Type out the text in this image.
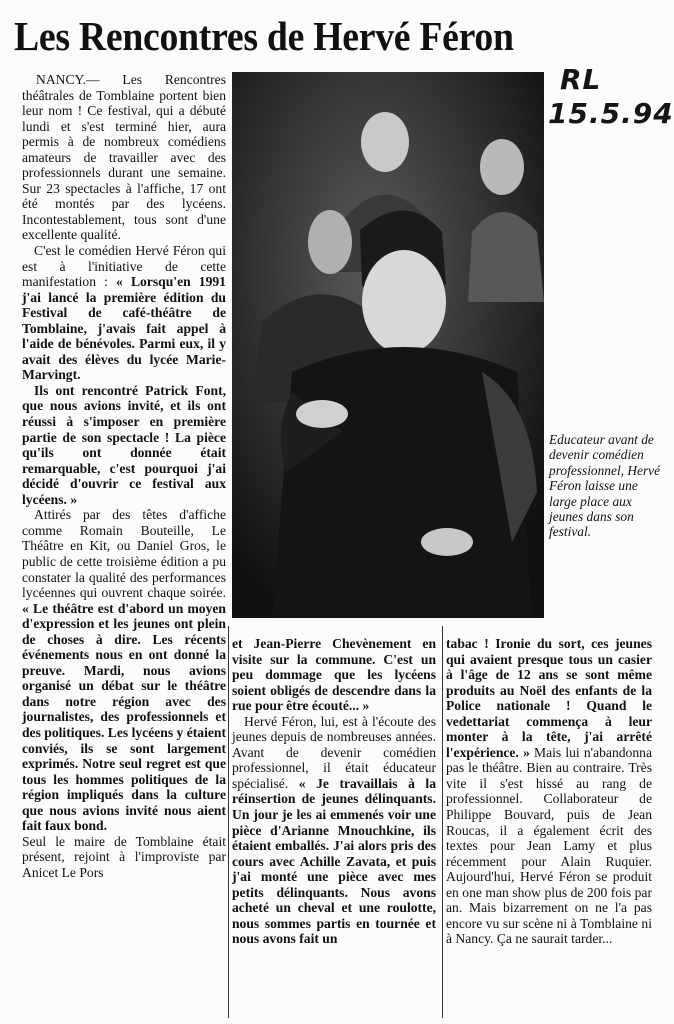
Les Rencontres de Hervé Féron
RL
15.5.94

NANCY.— Les Rencontres théâtrales de Tomblaine portent bien leur nom ! Ce festival, qui a débuté lundi et s'est terminé hier, aura permis à de nombreux comédiens amateurs de travailler avec des professionnels durant une semaine. Sur 23 spectacles à l'affiche, 17 ont été montés par des lycéens. Incontestablement, tous sont d'une excellente qualité.

C'est le comédien Hervé Féron qui est à l'initiative de cette manifestation : « Lorsqu'en 1991 j'ai lancé la première édition du Festival de café-théâtre de Tomblaine, j'avais fait appel à l'aide de bénévoles. Parmi eux, il y avait des élèves du lycée Marie-Marvingt.

Ils ont rencontré Patrick Font, que nous avions invité, et ils ont réussi à s'imposer en première partie de son spectacle ! La pièce qu'ils ont donnée était remarquable, c'est pourquoi j'ai décidé d'ouvrir ce festival aux lycéens. »

Attirés par des têtes d'affiche comme Romain Bouteille, Le Théâtre en Kit, ou Daniel Gros, le public de cette troisième édition a pu constater la qualité des performances lycéennes qui ouvrent chaque soirée. « Le théâtre est d'abord un moyen d'expression et les jeunes ont plein de choses à dire. Les récents événements nous en ont donné la preuve. Mardi, nous avions organisé un débat sur le théâtre dans notre région avec des journalistes, des professionnels et des politiques. Les lycéens y étaient conviés, ils se sont largement exprimés. Notre seul regret est que tous les hommes politiques de la région impliqués dans la culture que nous avions invité nous aient fait faux bond.

Seul le maire de Tomblaine était présent, rejoint à l'improviste par Anicet Le Pors

Educateur avant de devenir comédien professionnel, Hervé Féron laisse une large place aux jeunes dans son festival.

et Jean-Pierre Chevènement en visite sur la commune. C'est un peu dommage que les lycéens soient obligés de descendre dans la rue pour être écouté... »

Hervé Féron, lui, est à l'écoute des jeunes depuis de nombreuses années. Avant de devenir comédien professionnel, il était éducateur spécialisé. « Je travaillais à la réinsertion de jeunes délinquants. Un jour je les ai emmenés voir une pièce d'Arianne Mnouchkine, ils étaient emballés. J'ai alors pris des cours avec Achille Zavata, et puis j'ai monté une pièce avec mes petits délinquants. Nous avons acheté un cheval et une roulotte, nous sommes partis en tournée et nous avons fait un

tabac ! Ironie du sort, ces jeunes qui avaient presque tous un casier à l'âge de 12 ans se sont même produits au Noël des enfants de la Police nationale ! Quand le vedettariat commença à leur monter à la tête, j'ai arrêté l'expérience. » Mais lui n'abandonna pas le théâtre. Bien au contraire. Très vite il s'est hissé au rang de professionnel. Collaborateur de Philippe Bouvard, puis de Jean Roucas, il a également écrit des textes pour Jean Lamy et plus récemment pour Alain Ruquier. Aujourd'hui, Hervé Féron se produit en one man show plus de 200 fois par an. Mais bizarrement on ne l'a pas encore vu sur scène ni à Tomblaine ni à Nancy. Ça ne saurait tarder...
